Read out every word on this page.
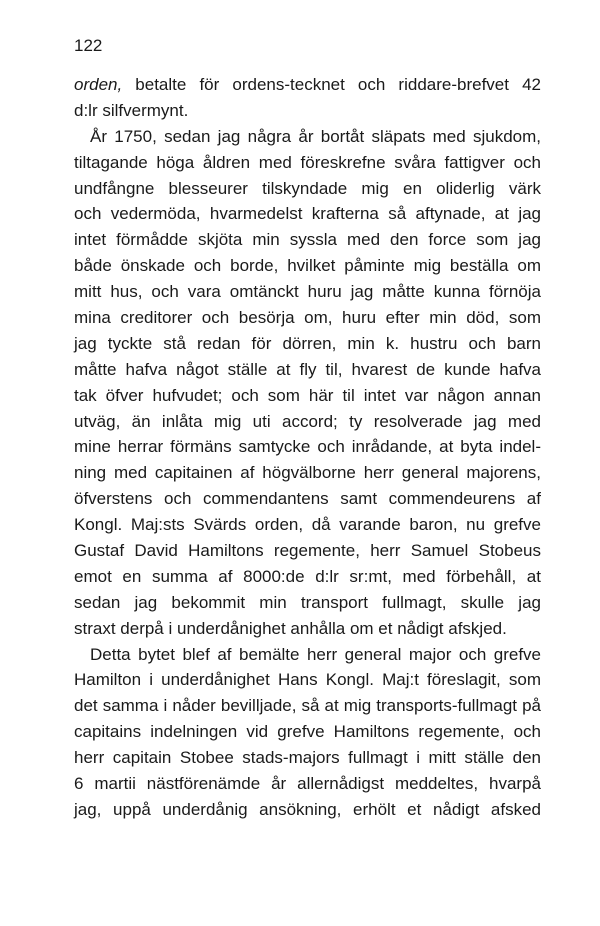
122
orden, betalte för ordens-tecknet och riddare-brefvet 42
d:lr silfvermynt.
År 1750, sedan jag några år bortåt släpats med sjukdom,
tiltagande höga åldren med föreskrefne svåra fattigver och
undfångne blesseurer tilskyndade mig en oliderlig värk
och vedermöda, hvarmedelst krafterna så aftynade, at jag
intet förmådde skjöta min syssla med den force som jag
både önskade och borde, hvilket påminte mig beställa om
mitt hus, och vara omtänckt huru jag måtte kunna förnöja
mina creditorer och besörja om, huru efter min död, som
jag tyckte stå redan för dörren, min k. hustru och barn
måtte hafva något ställe at fly til, hvarest de kunde hafva
tak öfver hufvudet; och som här til intet var någon annan
utväg, än inlåta mig uti accord; ty resolverade jag med
mine herrar förmäns samtycke och inrådande, at byta indel-
ning med capitainen af högvälborne herr general majorens,
öfverstens och commendantens samt commendeurens af
Kongl. Maj:sts Svärds orden, då varande baron, nu grefve
Gustaf David Hamiltons regemente, herr Samuel Stobeus
emot en summa af 8000:de d:lr sr:mt, med förbehåll, at
sedan jag bekommit min transport fullmagt, skulle jag
straxt derpå i underdånighet anhålla om et nådigt afskjed.
Detta bytet blef af bemälte herr general major och grefve
Hamilton i underdånighet Hans Kongl. Maj:t föreslagit, som
det samma i nåder bevilljade, så at mig transports-fullmagt på
capitains indelningen vid grefve Hamiltons regemente, och
herr capitain Stobee stads-majors fullmagt i mitt ställe den
6 martii nästförenämde år allernådigst meddeltes, hvarpå
jag, uppå underdånig ansökning, erhölt et nådigt afsked
